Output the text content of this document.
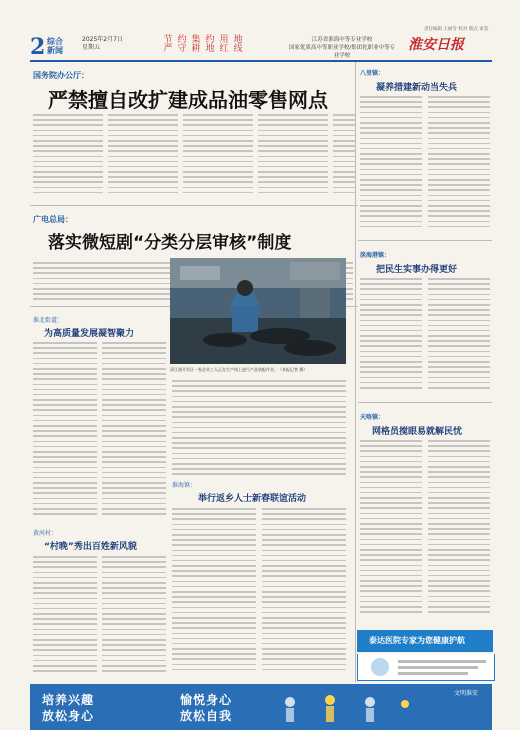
责任编辑 王丽雪 校对 版式 审签
2 综合
新闻
2025年2月7日
星期五
节约集约用地
严守耕地红线
江苏省淮海中等专业学校
国家优质高中等职业学校/集团化职业中等专业学校
淮安日报
国务院办公厅：
严禁擅自改扩建成品油零售网点
广电总局：
落实微短剧“分类分层审核”制度
淮北街道：
为高质量发展凝智聚力
清江浦开发区一家企业工人正在生产线上进行产品装配作业。（本报记者 摄）
黄河村：
“村晚”秀出百姓新风貌
淮海镇：
举行返乡人士新春联谊活动
八里镇：
凝养措建新动当失兵
淡海港镇：
把民生实事办得更好
天咯镇：
网格员搅眼易就解民忧
泰达医院专家为您健康护航
培养兴趣
放松身心
愉悦身心
放松自我
文明淮安
